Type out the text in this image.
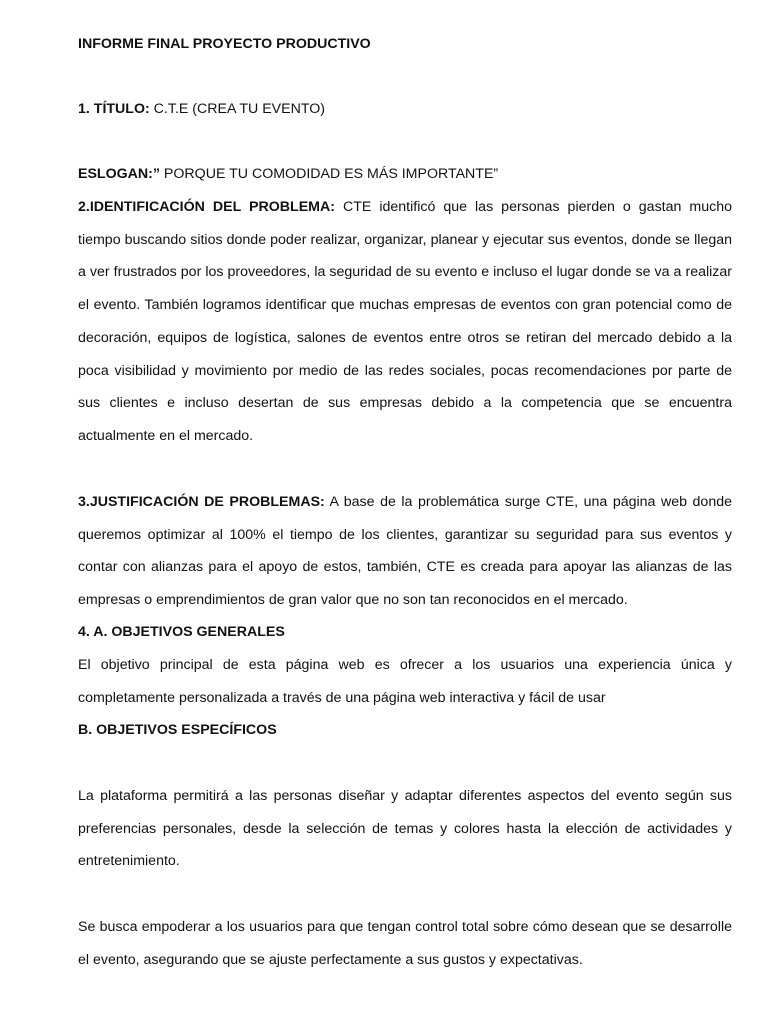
INFORME FINAL PROYECTO PRODUCTIVO

1. TÍTULO: C.T.E (CREA TU EVENTO)

ESLOGAN:” PORQUE TU COMODIDAD ES MÁS IMPORTANTE”

2.IDENTIFICACIÓN DEL PROBLEMA: CTE identificó que las personas pierden o gastan mucho tiempo buscando sitios donde poder realizar, organizar, planear y ejecutar sus eventos, donde se llegan a ver frustrados por los proveedores, la seguridad de su evento e incluso el lugar donde se va a realizar el evento. También logramos identificar que muchas empresas de eventos con gran potencial como de decoración, equipos de logística, salones de eventos entre otros se retiran del mercado debido a la poca visibilidad y movimiento por medio de las redes sociales, pocas recomendaciones por parte de sus clientes e incluso desertan de sus empresas debido a la competencia que se encuentra actualmente en el mercado.

3.JUSTIFICACIÓN DE PROBLEMAS: A base de la problemática surge CTE, una página web donde queremos optimizar al 100% el tiempo de los clientes, garantizar su seguridad para sus eventos y contar con alianzas para el apoyo de estos, también, CTE es creada para apoyar las alianzas de las empresas o emprendimientos de gran valor que no son tan reconocidos en el mercado.

4. A. OBJETIVOS GENERALES

El objetivo principal de esta página web es ofrecer a los usuarios una experiencia única y completamente personalizada a través de una página web interactiva y fácil de usar

B. OBJETIVOS ESPECÍFICOS

La plataforma permitirá a las personas diseñar y adaptar diferentes aspectos del evento según sus preferencias personales, desde la selección de temas y colores hasta la elección de actividades y entretenimiento.

Se busca empoderar a los usuarios para que tengan control total sobre cómo desean que se desarrolle el evento, asegurando que se ajuste perfectamente a sus gustos y expectativas.
